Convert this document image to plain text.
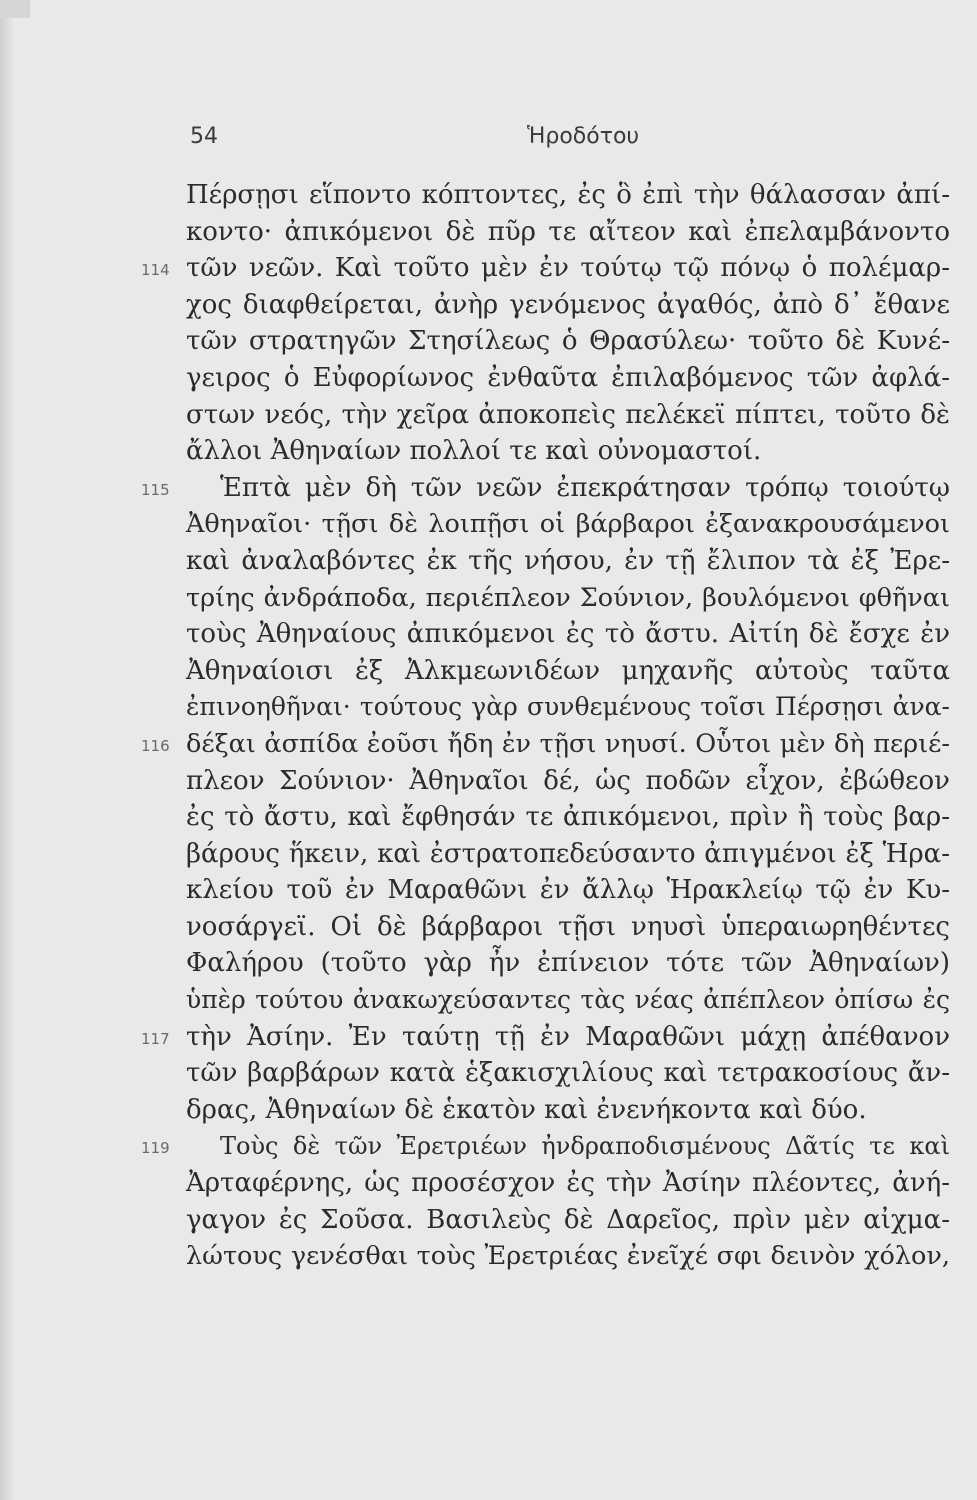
54	Ἡροδότου
Πέρσῃσι εἵποντο κόπτοντες, ἐς ὃ ἐπὶ τὴν θάλασσαν ἀπί-
κοντο· ἀπικόμενοι δὲ πῦρ τε αἴτεον καὶ ἐπελαμβάνοντο
τῶν νεῶν. Καὶ τοῦτο μὲν ἐν τούτῳ τῷ πόνῳ ὁ πολέμαρ-
114
χος διαφθείρεται, ἀνὴρ γενόμενος ἀγαθός, ἀπὸ δ᾽ ἔθανε
τῶν στρατηγῶν Στησίλεως ὁ Θρασύλεω· τοῦτο δὲ Κυνέ-
γειρος ὁ Εὐφορίωνος ἐνθαῦτα ἐπιλαβόμενος τῶν ἀφλά-
στων νεός, τὴν χεῖρα ἀποκοπεὶς πελέκεϊ πίπτει, τοῦτο δὲ
ἄλλοι Ἀθηναίων πολλοί τε καὶ οὐνομαστοί.
Ἑπτὰ μὲν δὴ τῶν νεῶν ἐπεκράτησαν τρόπῳ τοιούτῳ
115
Ἀθηναῖοι· τῇσι δὲ λοιπῇσι οἱ βάρβαροι ἐξανακρουσάμενοι
καὶ ἀναλαβόντες ἐκ τῆς νήσου, ἐν τῇ ἔλιπον τὰ ἐξ Ἐρε-
τρίης ἀνδράποδα, περιέπλεον Σούνιον, βουλόμενοι φθῆναι
τοὺς Ἀθηναίους ἀπικόμενοι ἐς τὸ ἄστυ. Αἰτίη δὲ ἔσχε ἐν
Ἀθηναίοισι ἐξ Ἀλκμεωνιδέων μηχανῆς αὐτοὺς ταῦτα
ἐπινοηθῆναι· τούτους γὰρ συνθεμένους τοῖσι Πέρσῃσι ἀνα-
δέξαι ἀσπίδα ἐοῦσι ἤδη ἐν τῇσι νηυσί. Οὗτοι μὲν δὴ περιέ-
116
πλεον Σούνιον· Ἀθηναῖοι δέ, ὡς ποδῶν εἶχον, ἐβώθεον
ἐς τὸ ἄστυ, καὶ ἔφθησάν τε ἀπικόμενοι, πρὶν ἢ τοὺς βαρ-
βάρους ἥκειν, καὶ ἐστρατοπεδεύσαντο ἀπιγμένοι ἐξ Ἡρα-
κλείου τοῦ ἐν Μαραθῶνι ἐν ἄλλῳ Ἡρακλείῳ τῷ ἐν Κυ-
νοσάργεϊ. Οἱ δὲ βάρβαροι τῇσι νηυσὶ ὑπεραιωρηθέντες
Φαλήρου (τοῦτο γὰρ ἦν ἐπίνειον τότε τῶν Ἀθηναίων)
ὑπὲρ τούτου ἀνακωχεύσαντες τὰς νέας ἀπέπλεον ὀπίσω ἐς
τὴν Ἀσίην. Ἐν ταύτῃ τῇ ἐν Μαραθῶνι μάχῃ ἀπέθανον
117
τῶν βαρβάρων κατὰ ἑξακισχιλίους καὶ τετρακοσίους ἄν-
δρας, Ἀθηναίων δὲ ἑκατὸν καὶ ἐνενήκοντα καὶ δύο.
Τοὺς δὲ τῶν Ἐρετριέων ἠνδραποδισμένους Δᾶτίς τε καὶ
119
Ἀρταφέρνης, ὡς προσέσχον ἐς τὴν Ἀσίην πλέοντες, ἀνή-
γαγον ἐς Σοῦσα. Βασιλεὺς δὲ Δαρεῖος, πρὶν μὲν αἰχμα-
λώτους γενέσθαι τοὺς Ἐρετριέας ἐνεῖχέ σφι δεινὸν χόλον,
